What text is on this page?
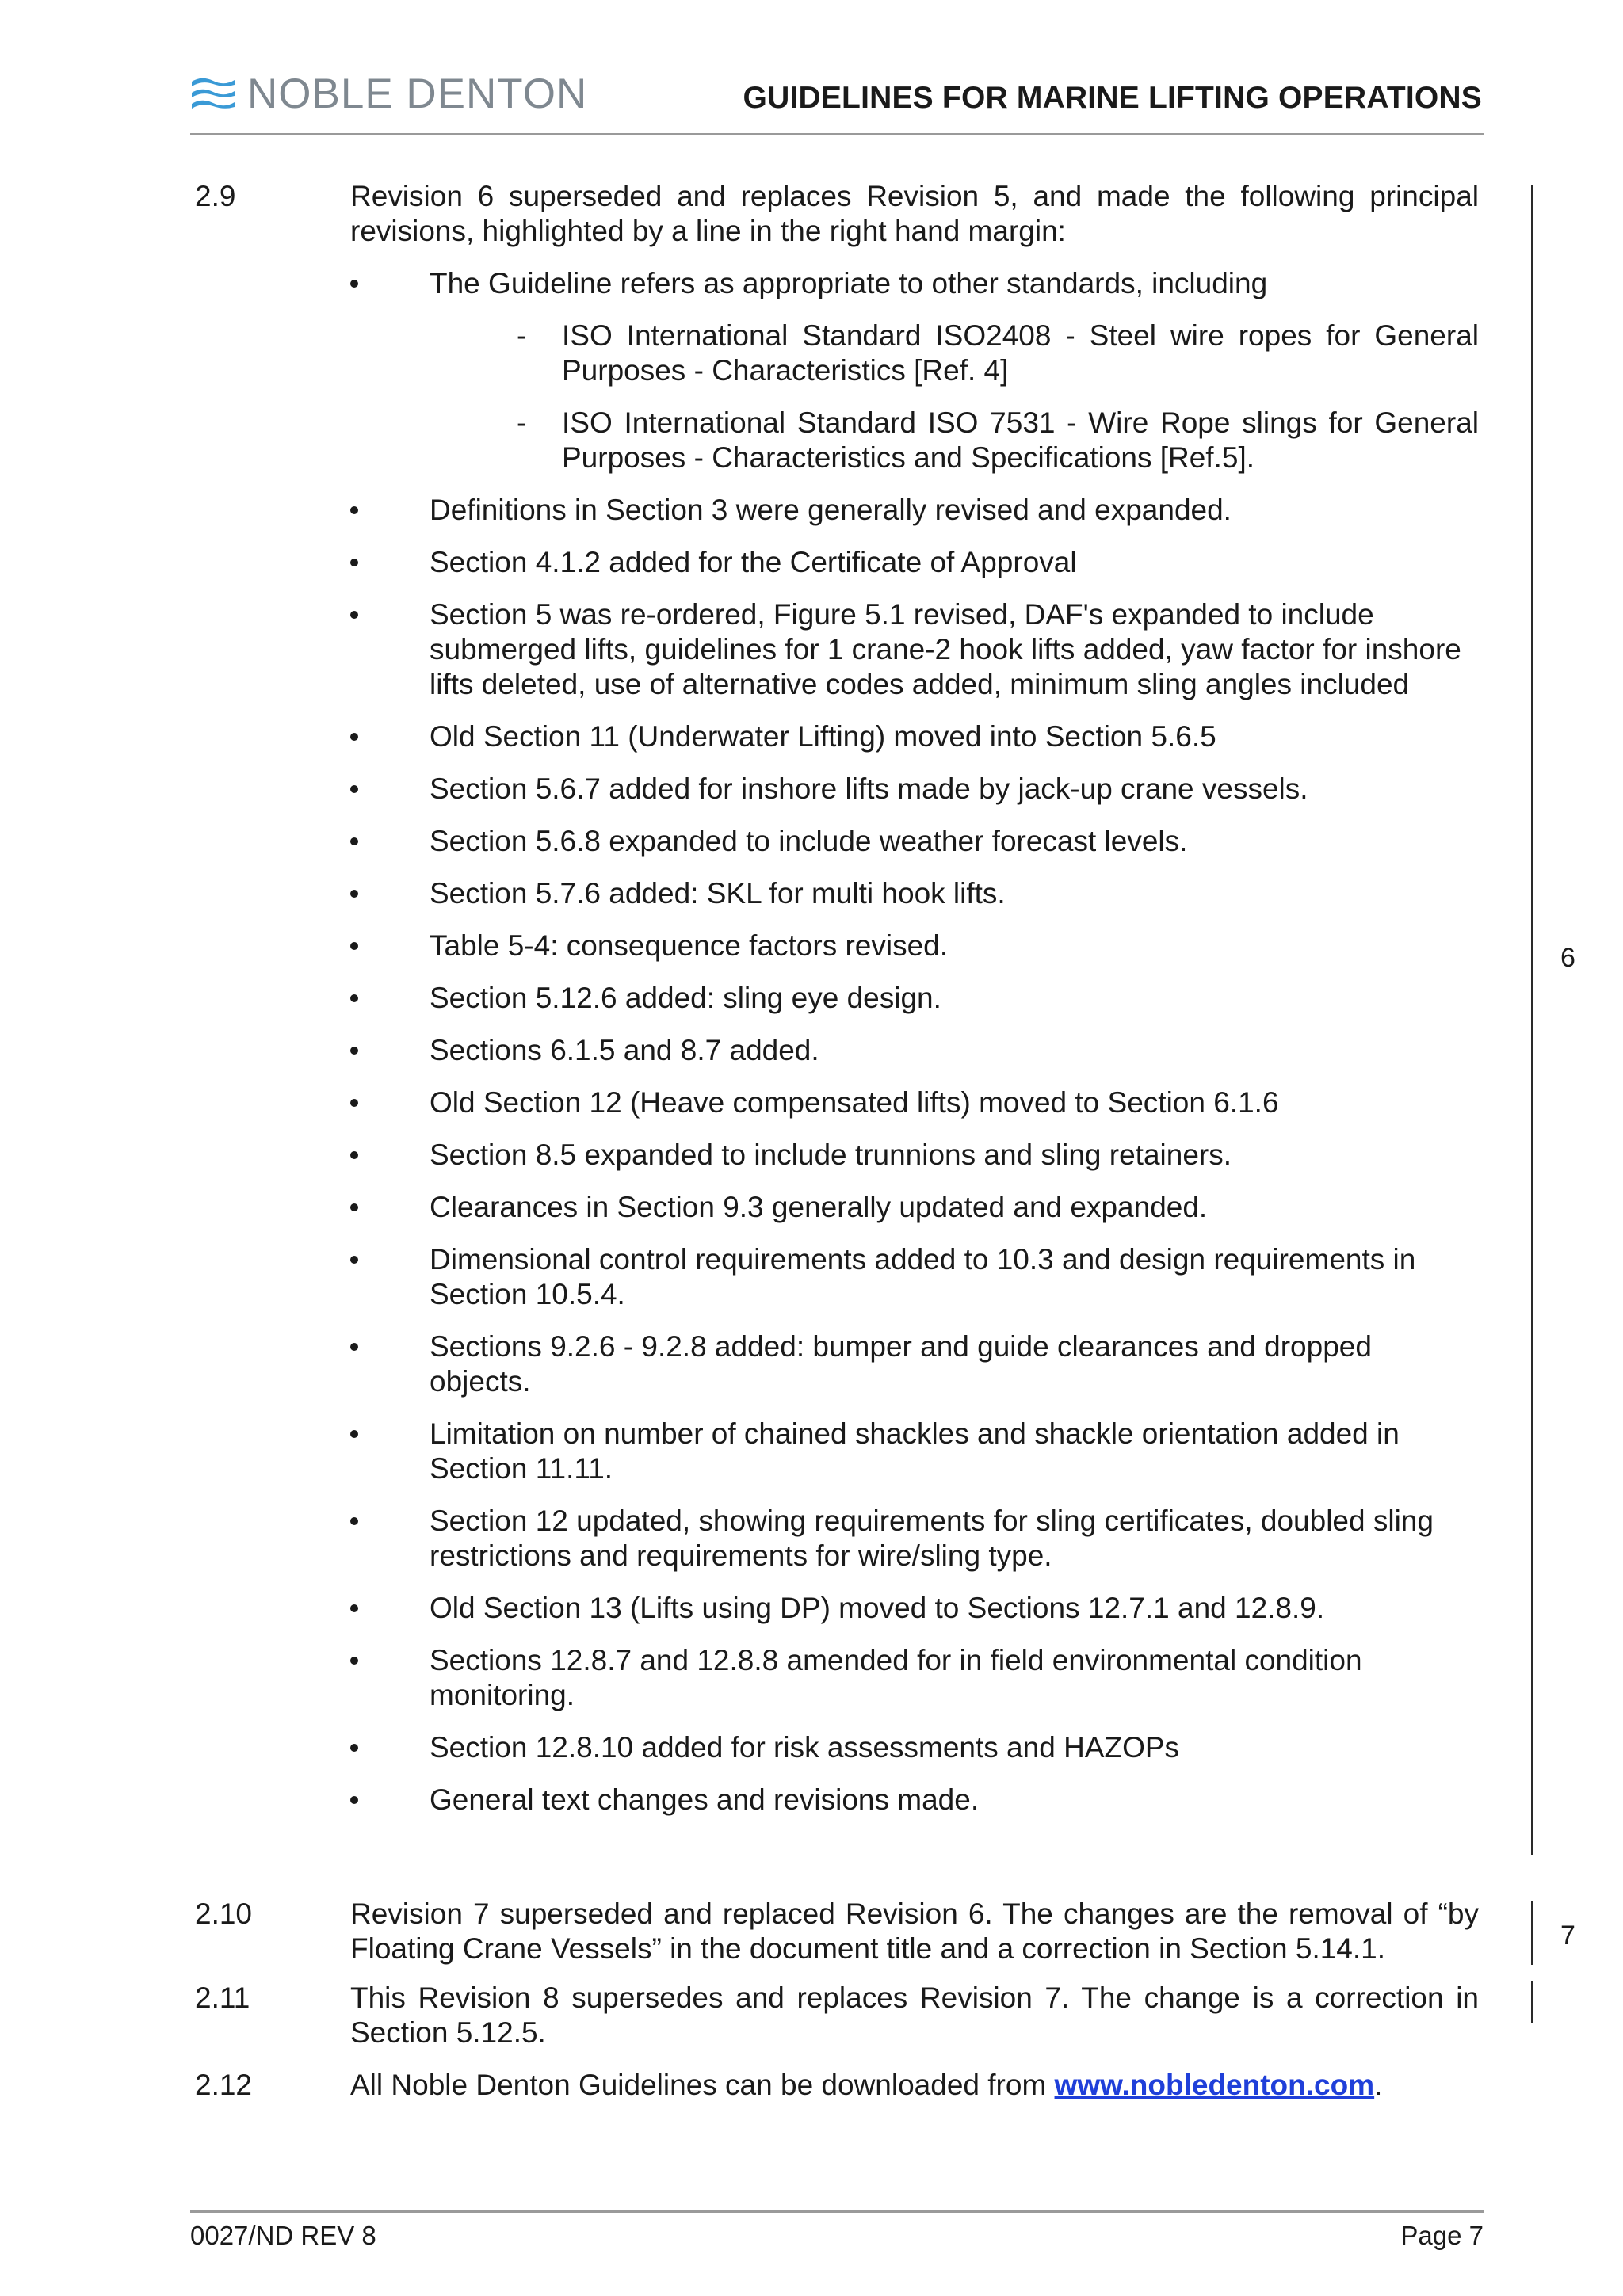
NOBLE DENTON	GUIDELINES FOR MARINE LIFTING OPERATIONS
2.9	Revision 6 superseded and replaces Revision 5, and made the following principal revisions, highlighted by a line in the right hand margin:
The Guideline refers as appropriate to other standards, including
- ISO International Standard ISO2408 - Steel wire ropes for General Purposes - Characteristics [Ref. 4]
- ISO International Standard ISO 7531 - Wire Rope slings for General Purposes - Characteristics and Specifications [Ref.5].
Definitions in Section 3 were generally revised and expanded.
Section 4.1.2 added for the Certificate of Approval
Section 5 was re-ordered, Figure 5.1 revised, DAF's expanded to include submerged lifts, guidelines for 1 crane-2 hook lifts added, yaw factor for inshore lifts deleted, use of alternative codes added, minimum sling angles included
Old Section 11 (Underwater Lifting) moved into Section 5.6.5
Section 5.6.7 added for inshore lifts made by jack-up crane vessels.
Section 5.6.8 expanded to include weather forecast levels.
Section 5.7.6 added: SKL for multi hook lifts.
Table 5-4: consequence factors revised.
Section 5.12.6 added: sling eye design.
Sections 6.1.5 and 8.7 added.
Old Section 12 (Heave compensated lifts) moved to Section 6.1.6
Section 8.5 expanded to include trunnions and sling retainers.
Clearances in Section 9.3 generally updated and expanded.
Dimensional control requirements added to 10.3 and design requirements in Section 10.5.4.
Sections 9.2.6 - 9.2.8 added: bumper and guide clearances and dropped objects.
Limitation on number of chained shackles and shackle orientation added in Section 11.11.
Section 12 updated, showing requirements for sling certificates, doubled sling restrictions and requirements for wire/sling type.
Old Section 13 (Lifts using DP) moved to Sections 12.7.1 and 12.8.9.
Sections 12.8.7 and 12.8.8 amended for in field environmental condition monitoring.
Section 12.8.10 added for risk assessments and HAZOPs
General text changes and revisions made.
2.10	Revision 7 superseded and replaced Revision 6. The changes are the removal of “by Floating Crane Vessels” in the document title and a correction in Section 5.14.1.
2.11	This Revision 8 supersedes and replaces Revision 7. The change is a correction in Section 5.12.5.
2.12	All Noble Denton Guidelines can be downloaded from www.nobledenton.com.
6
7
0027/ND REV 8	Page 7
